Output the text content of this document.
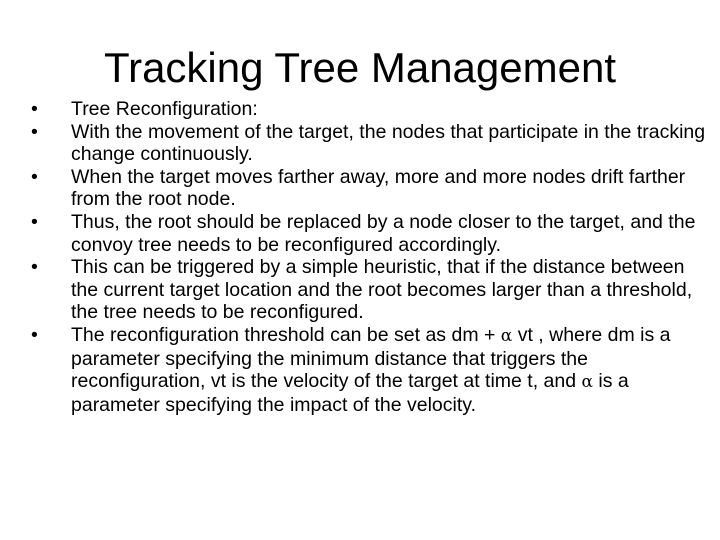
Tracking Tree Management
• Tree Reconfiguration:
• With the movement of the target, the nodes that participate in the tracking change continuously.
• When the target moves farther away, more and more nodes drift farther from the root node.
• Thus, the root should be replaced by a node closer to the target, and the convoy tree needs to be reconfigured accordingly.
• This can be triggered by a simple heuristic, that if the distance between the current target location and the root becomes larger than a threshold, the tree needs to be reconfigured.
• The reconfiguration threshold can be set as dm + α vt , where dm is a parameter specifying the minimum distance that triggers the reconfiguration, vt is the velocity of the target at time t, and α is a parameter specifying the impact of the velocity.
